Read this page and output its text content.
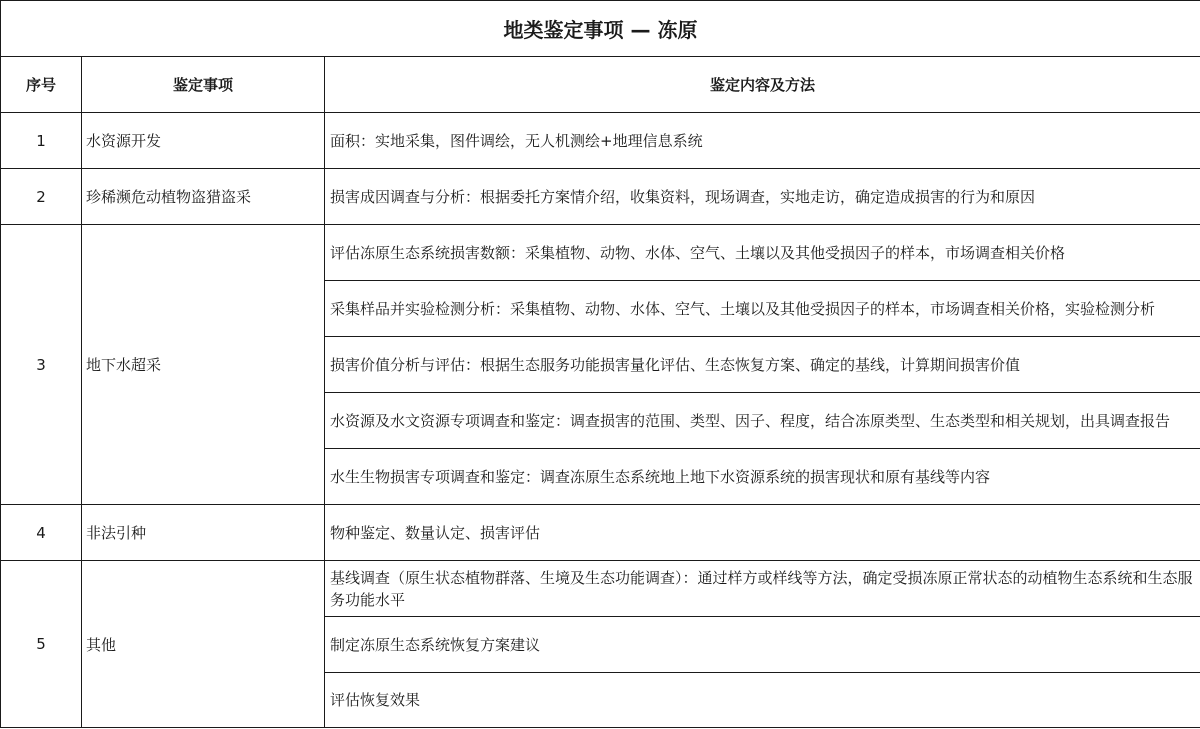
地类鉴定事项 — 冻原		
序号	鉴定事项	鉴定内容及方法
1	水资源开发	面积：实地采集，图件调绘，无人机测绘+地理信息系统
2	珍稀濒危动植物盗猎盗采	损害成因调查与分析：根据委托方案情介绍，收集资料，现场调查，实地走访，确定造成损害的行为和原因
3	地下水超采	评估冻原生态系统损害数额：采集植物、动物、水体、空气、土壤以及其他受损因子的样本，市场调查相关价格
		采集样品并实验检测分析：采集植物、动物、水体、空气、土壤以及其他受损因子的样本，市场调查相关价格，实验检测分析
		损害价值分析与评估：根据生态服务功能损害量化评估、生态恢复方案、确定的基线，计算期间损害价值
		水资源及水文资源专项调查和鉴定：调查损害的范围、类型、因子、程度，结合冻原类型、生态类型和相关规划，出具调查报告
		水生生物损害专项调查和鉴定：调查冻原生态系统地上地下水资源系统的损害现状和原有基线等内容
4	非法引种	物种鉴定、数量认定、损害评估
5	其他	基线调查（原生状态植物群落、生境及生态功能调查）：通过样方或样线等方法，确定受损冻原正常状态的动植物生态系统和生态服务功能水平
		制定冻原生态系统恢复方案建议
		评估恢复效果
